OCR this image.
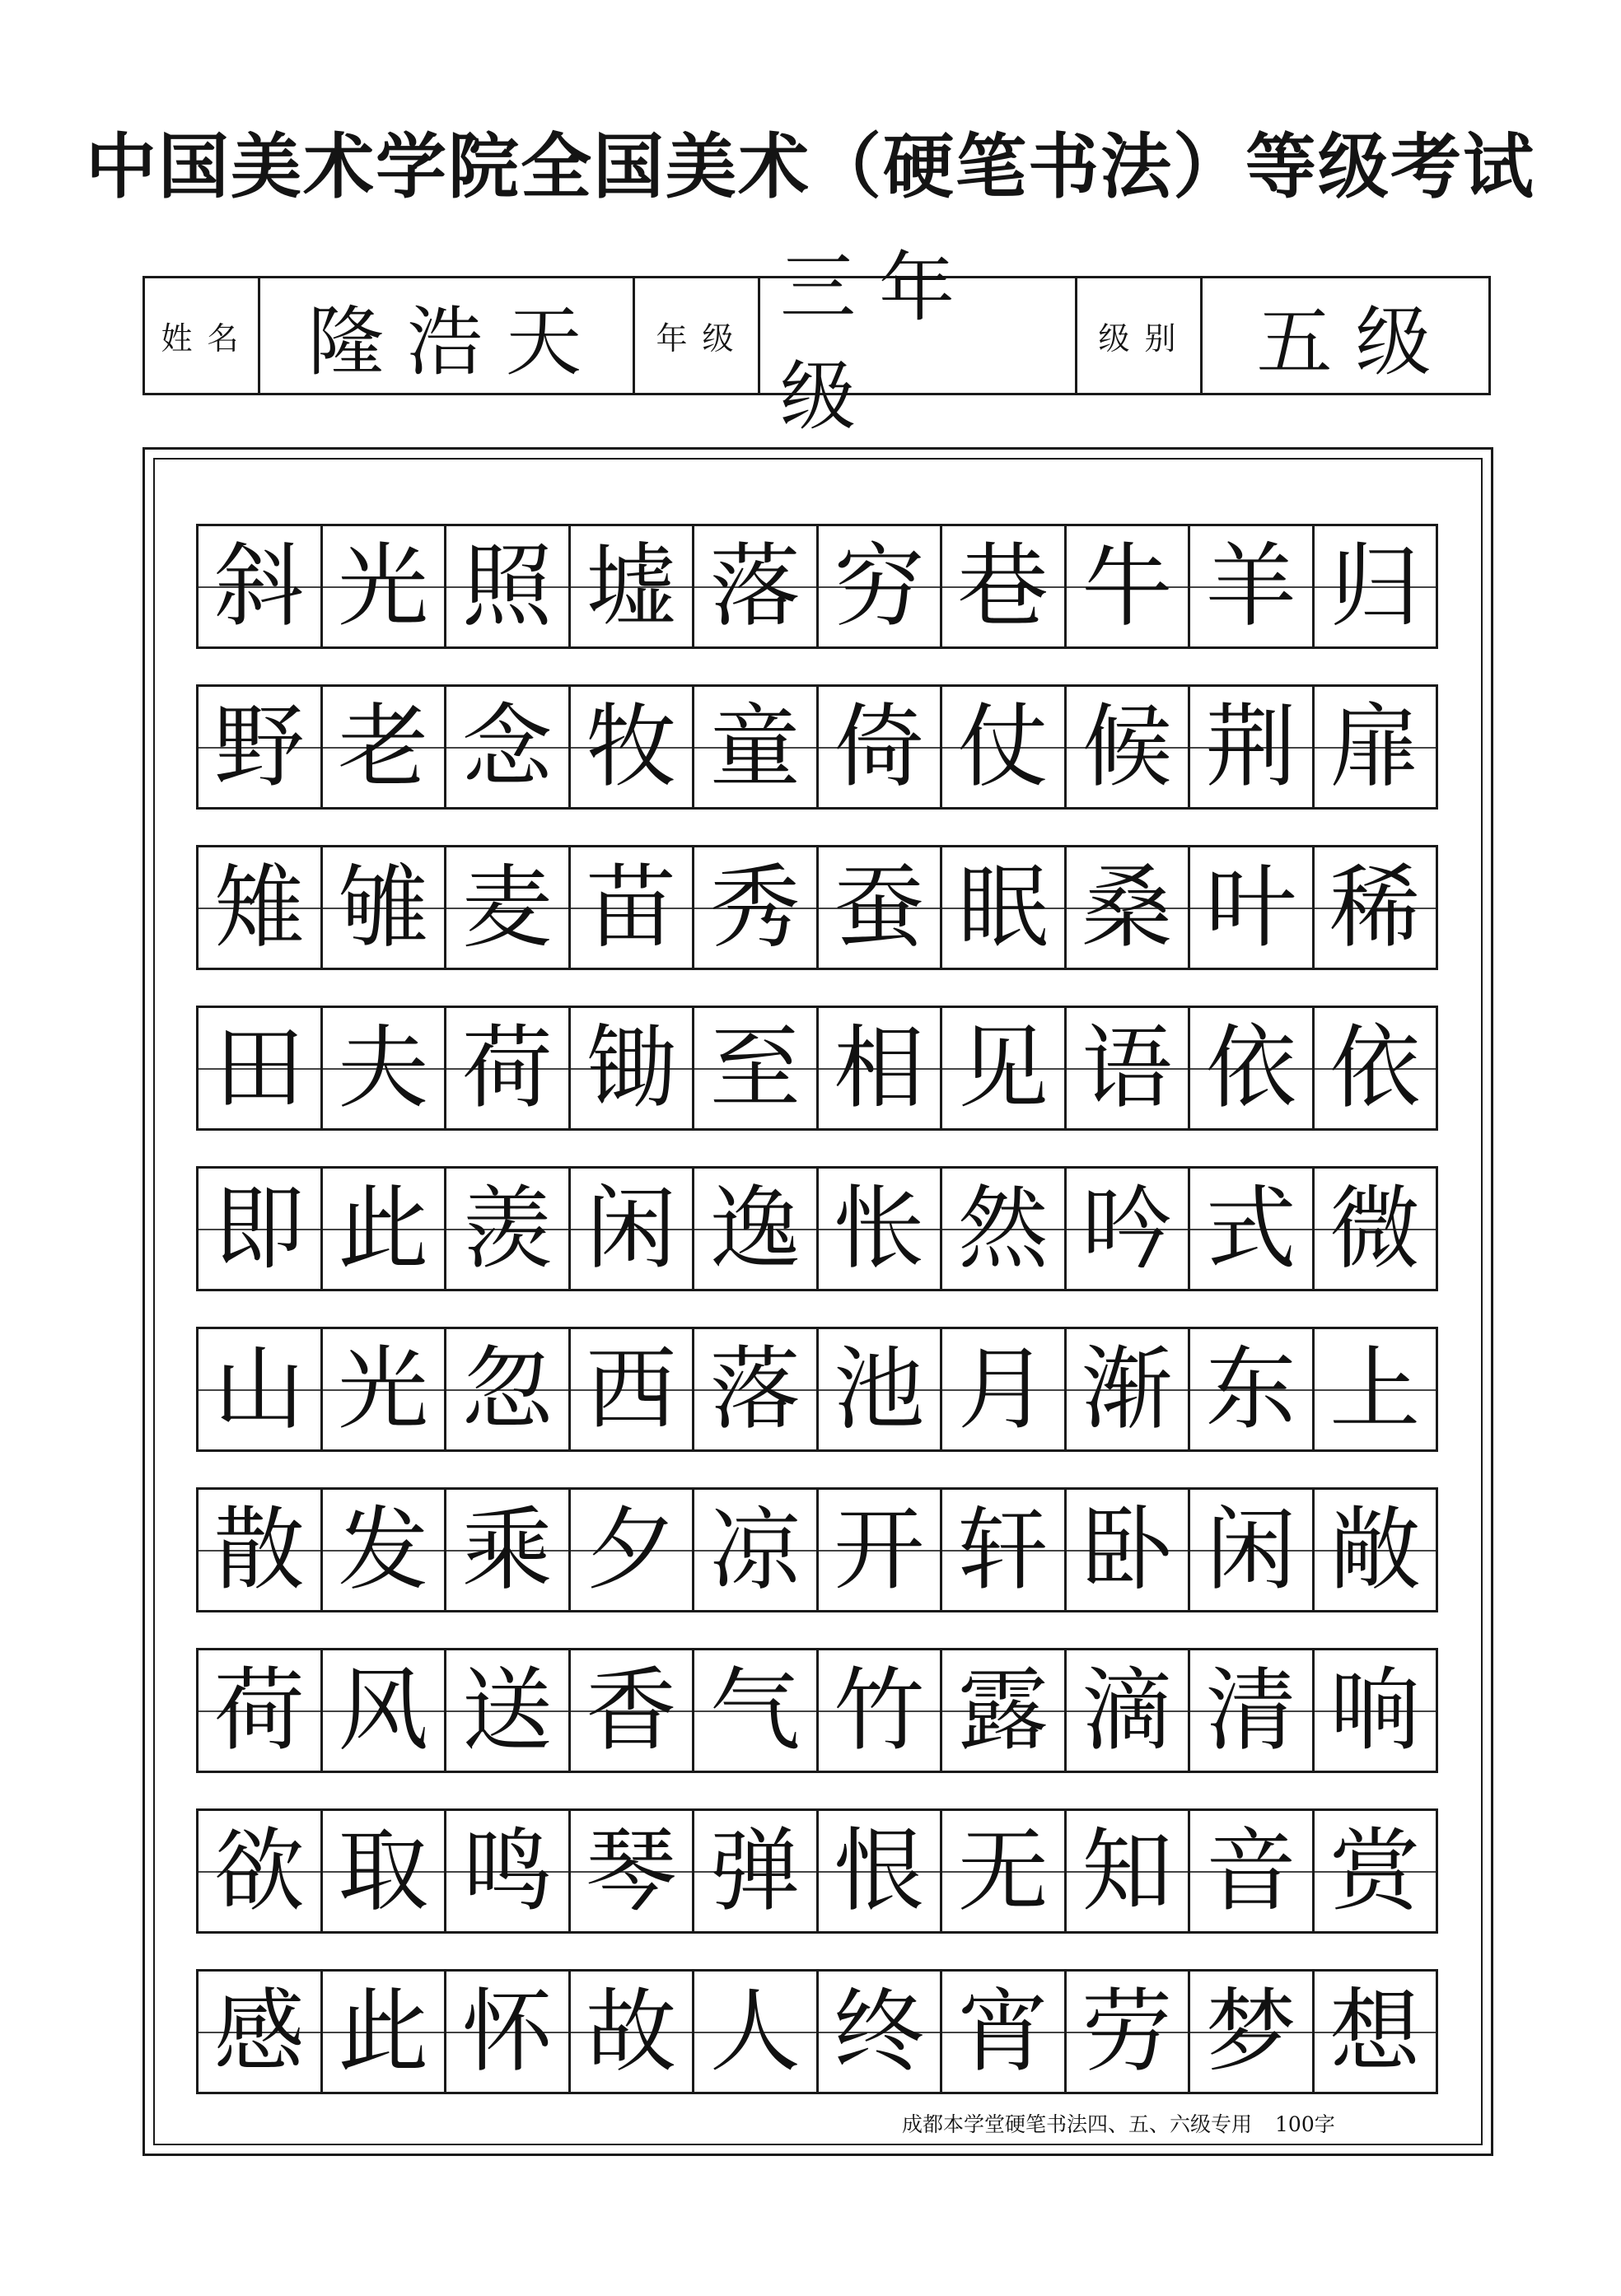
中国美术学院全国美术（硬笔书法）等级考试
姓名 隆浩天	年级
三年级
级别 五级
斜 光 照 墟 落 穷 巷 牛 羊 归
野 老 念 牧 童 倚 仗 候 荆 扉
雉 雊 麦 苗 秀 蚕 眠 桑 叶 稀
田 夫 荷 锄 至 相 见 语 依 依
即 此 羡 闲 逸 怅 然 吟 式 微
山 光 忽 西 落 池 月 渐 东 上
散 发 乘 夕 凉 开 轩 卧 闲 敞
荷 风 送 香 气 竹 露 滴 清 响
欲 取 鸣 琴 弹 恨 无 知 音 赏
感 此 怀 故 人 终 宵 劳 梦 想
成都本学堂硬笔书法四、五、六级专用 100字
